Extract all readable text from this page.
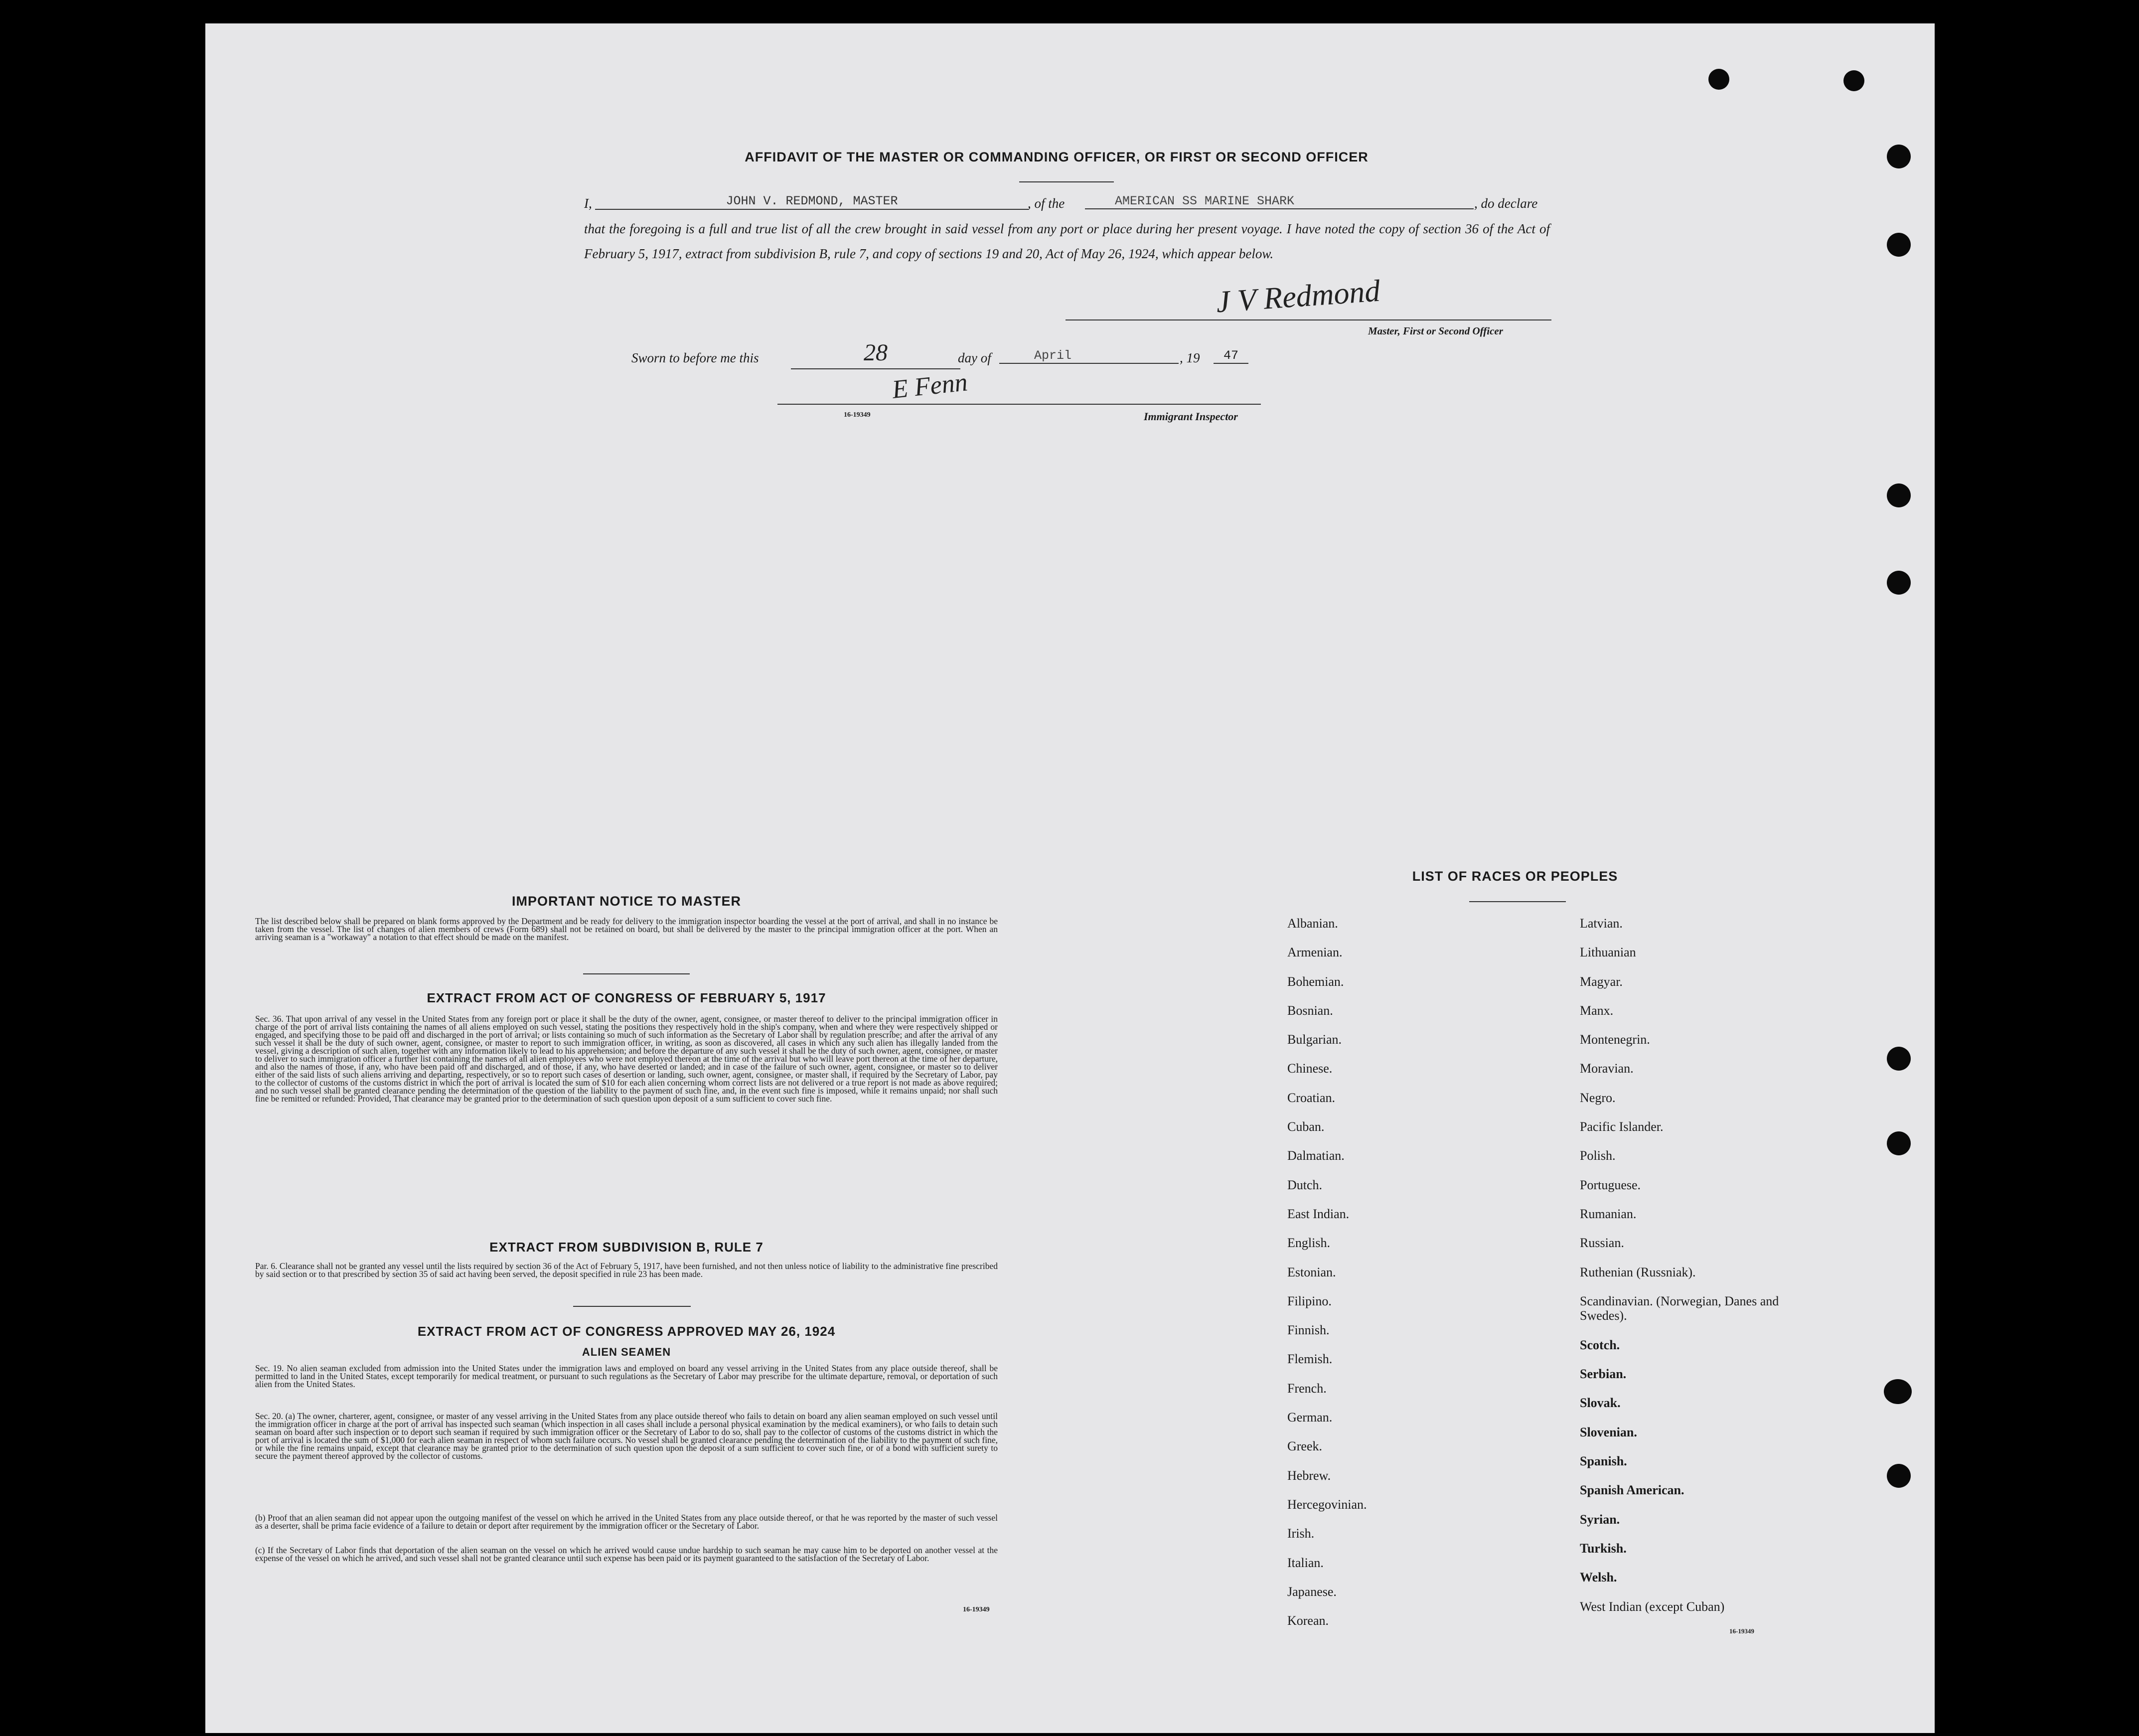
AFFIDAVIT OF THE MASTER OR COMMANDING OFFICER, OR FIRST OR SECOND OFFICER
I,	JOHN V. REDMOND, MASTER	, of the	AMERICAN SS MARINE SHARK	, do declare
that the foregoing is a full and true list of all the crew brought in said vessel from any port or place during her present voyage. I have noted the copy of section 36 of the Act of February 5, 1917, extract from subdivision B, rule 7, and copy of sections 19 and 20, Act of May 26, 1924, which appear below.
J V Redmond
Master, First or Second Officer
Sworn to before me this	28	day of	April	, 19	47
E Fenn
16-19349	Immigrant Inspector
IMPORTANT NOTICE TO MASTER
The list described below shall be prepared on blank forms approved by the Department and be ready for delivery to the immigration inspector boarding the vessel at the port of arrival, and shall in no instance be taken from the vessel. The list of changes of alien members of crews (Form 689) shall not be retained on board, but shall be delivered by the master to the principal immigration officer at the port. When an arriving seaman is a "workaway" a notation to that effect should be made on the manifest.
EXTRACT FROM ACT OF CONGRESS OF FEBRUARY 5, 1917
Sec. 36. That upon arrival of any vessel in the United States from any foreign port or place it shall be the duty of the owner, agent, consignee, or master thereof to deliver to the principal immigration officer in charge of the port of arrival lists containing the names of all aliens employed on such vessel, stating the positions they respectively hold in the ship's company, when and where they were respectively shipped or engaged, and specifying those to be paid off and discharged in the port of arrival; or lists containing so much of such information as the Secretary of Labor shall by regulation prescribe; and after the arrival of any such vessel it shall be the duty of such owner, agent, consignee, or master to report to such immigration officer, in writing, as soon as discovered, all cases in which any such alien has illegally landed from the vessel, giving a description of such alien, together with any information likely to lead to his apprehension; and before the departure of any such vessel it shall be the duty of such owner, agent, consignee, or master to deliver to such immigration officer a further list containing the names of all alien employees who were not employed thereon at the time of the arrival but who will leave port thereon at the time of her departure, and also the names of those, if any, who have been paid off and discharged, and of those, if any, who have deserted or landed; and in case of the failure of such owner, agent, consignee, or master so to deliver either of the said lists of such aliens arriving and departing, respectively, or so to report such cases of desertion or landing, such owner, agent, consignee, or master shall, if required by the Secretary of Labor, pay to the collector of customs of the customs district in which the port of arrival is located the sum of $10 for each alien concerning whom correct lists are not delivered or a true report is not made as above required; and no such vessel shall be granted clearance pending the determination of the question of the liability to the payment of such fine, and, in the event such fine is imposed, while it remains unpaid; nor shall such fine be remitted or refunded: Provided, That clearance may be granted prior to the determination of such question upon deposit of a sum sufficient to cover such fine.
EXTRACT FROM SUBDIVISION B, RULE 7
Par. 6. Clearance shall not be granted any vessel until the lists required by section 36 of the Act of February 5, 1917, have been furnished, and not then unless notice of liability to the administrative fine prescribed by said section or to that prescribed by section 35 of said act having been served, the deposit specified in rule 23 has been made.
EXTRACT FROM ACT OF CONGRESS APPROVED MAY 26, 1924
ALIEN SEAMEN
Sec. 19. No alien seaman excluded from admission into the United States under the immigration laws and employed on board any vessel arriving in the United States from any place outside thereof, shall be permitted to land in the United States, except temporarily for medical treatment, or pursuant to such regulations as the Secretary of Labor may prescribe for the ultimate departure, removal, or deportation of such alien from the United States.
Sec. 20. (a) The owner, charterer, agent, consignee, or master of any vessel arriving in the United States from any place outside thereof who fails to detain on board any alien seaman employed on such vessel until the immigration officer in charge at the port of arrival has inspected such seaman (which inspection in all cases shall include a personal physical examination by the medical examiners), or who fails to detain such seaman on board after such inspection or to deport such seaman if required by such immigration officer or the Secretary of Labor to do so, shall pay to the collector of customs of the customs district in which the port of arrival is located the sum of $1,000 for each alien seaman in respect of whom such failure occurs. No vessel shall be granted clearance pending the determination of the liability to the payment of such fine, or while the fine remains unpaid, except that clearance may be granted prior to the determination of such question upon the deposit of a sum sufficient to cover such fine, or of a bond with sufficient surety to secure the payment thereof approved by the collector of customs.
(b) Proof that an alien seaman did not appear upon the outgoing manifest of the vessel on which he arrived in the United States from any place outside thereof, or that he was reported by the master of such vessel as a deserter, shall be prima facie evidence of a failure to detain or deport after requirement by the immigration officer or the Secretary of Labor.
(c) If the Secretary of Labor finds that deportation of the alien seaman on the vessel on which he arrived would cause undue hardship to such seaman he may cause him to be deported on another vessel at the expense of the vessel on which he arrived, and such vessel shall not be granted clearance until such expense has been paid or its payment guaranteed to the satisfaction of the Secretary of Labor.
16-19349
LIST OF RACES OR PEOPLES
Albanian.
Armenian.
Bohemian.
Bosnian.
Bulgarian.
Chinese.
Croatian.
Cuban.
Dalmatian.
Dutch.
East Indian.
English.
Estonian.
Filipino.
Finnish.
Flemish.
French.
German.
Greek.
Hebrew.
Hercegovinian.
Irish.
Italian.
Japanese.
Korean.
Latvian.
Lithuanian
Magyar.
Manx.
Montenegrin.
Moravian.
Negro.
Pacific Islander.
Polish.
Portuguese.
Rumanian.
Russian.
Ruthenian (Russniak).
Scandinavian. (Norwegian, Danes and Swedes).
Scotch.
Serbian.
Slovak.
Slovenian.
Spanish.
Spanish American.
Syrian.
Turkish.
Welsh.
West Indian (except Cuban)
16-19349
